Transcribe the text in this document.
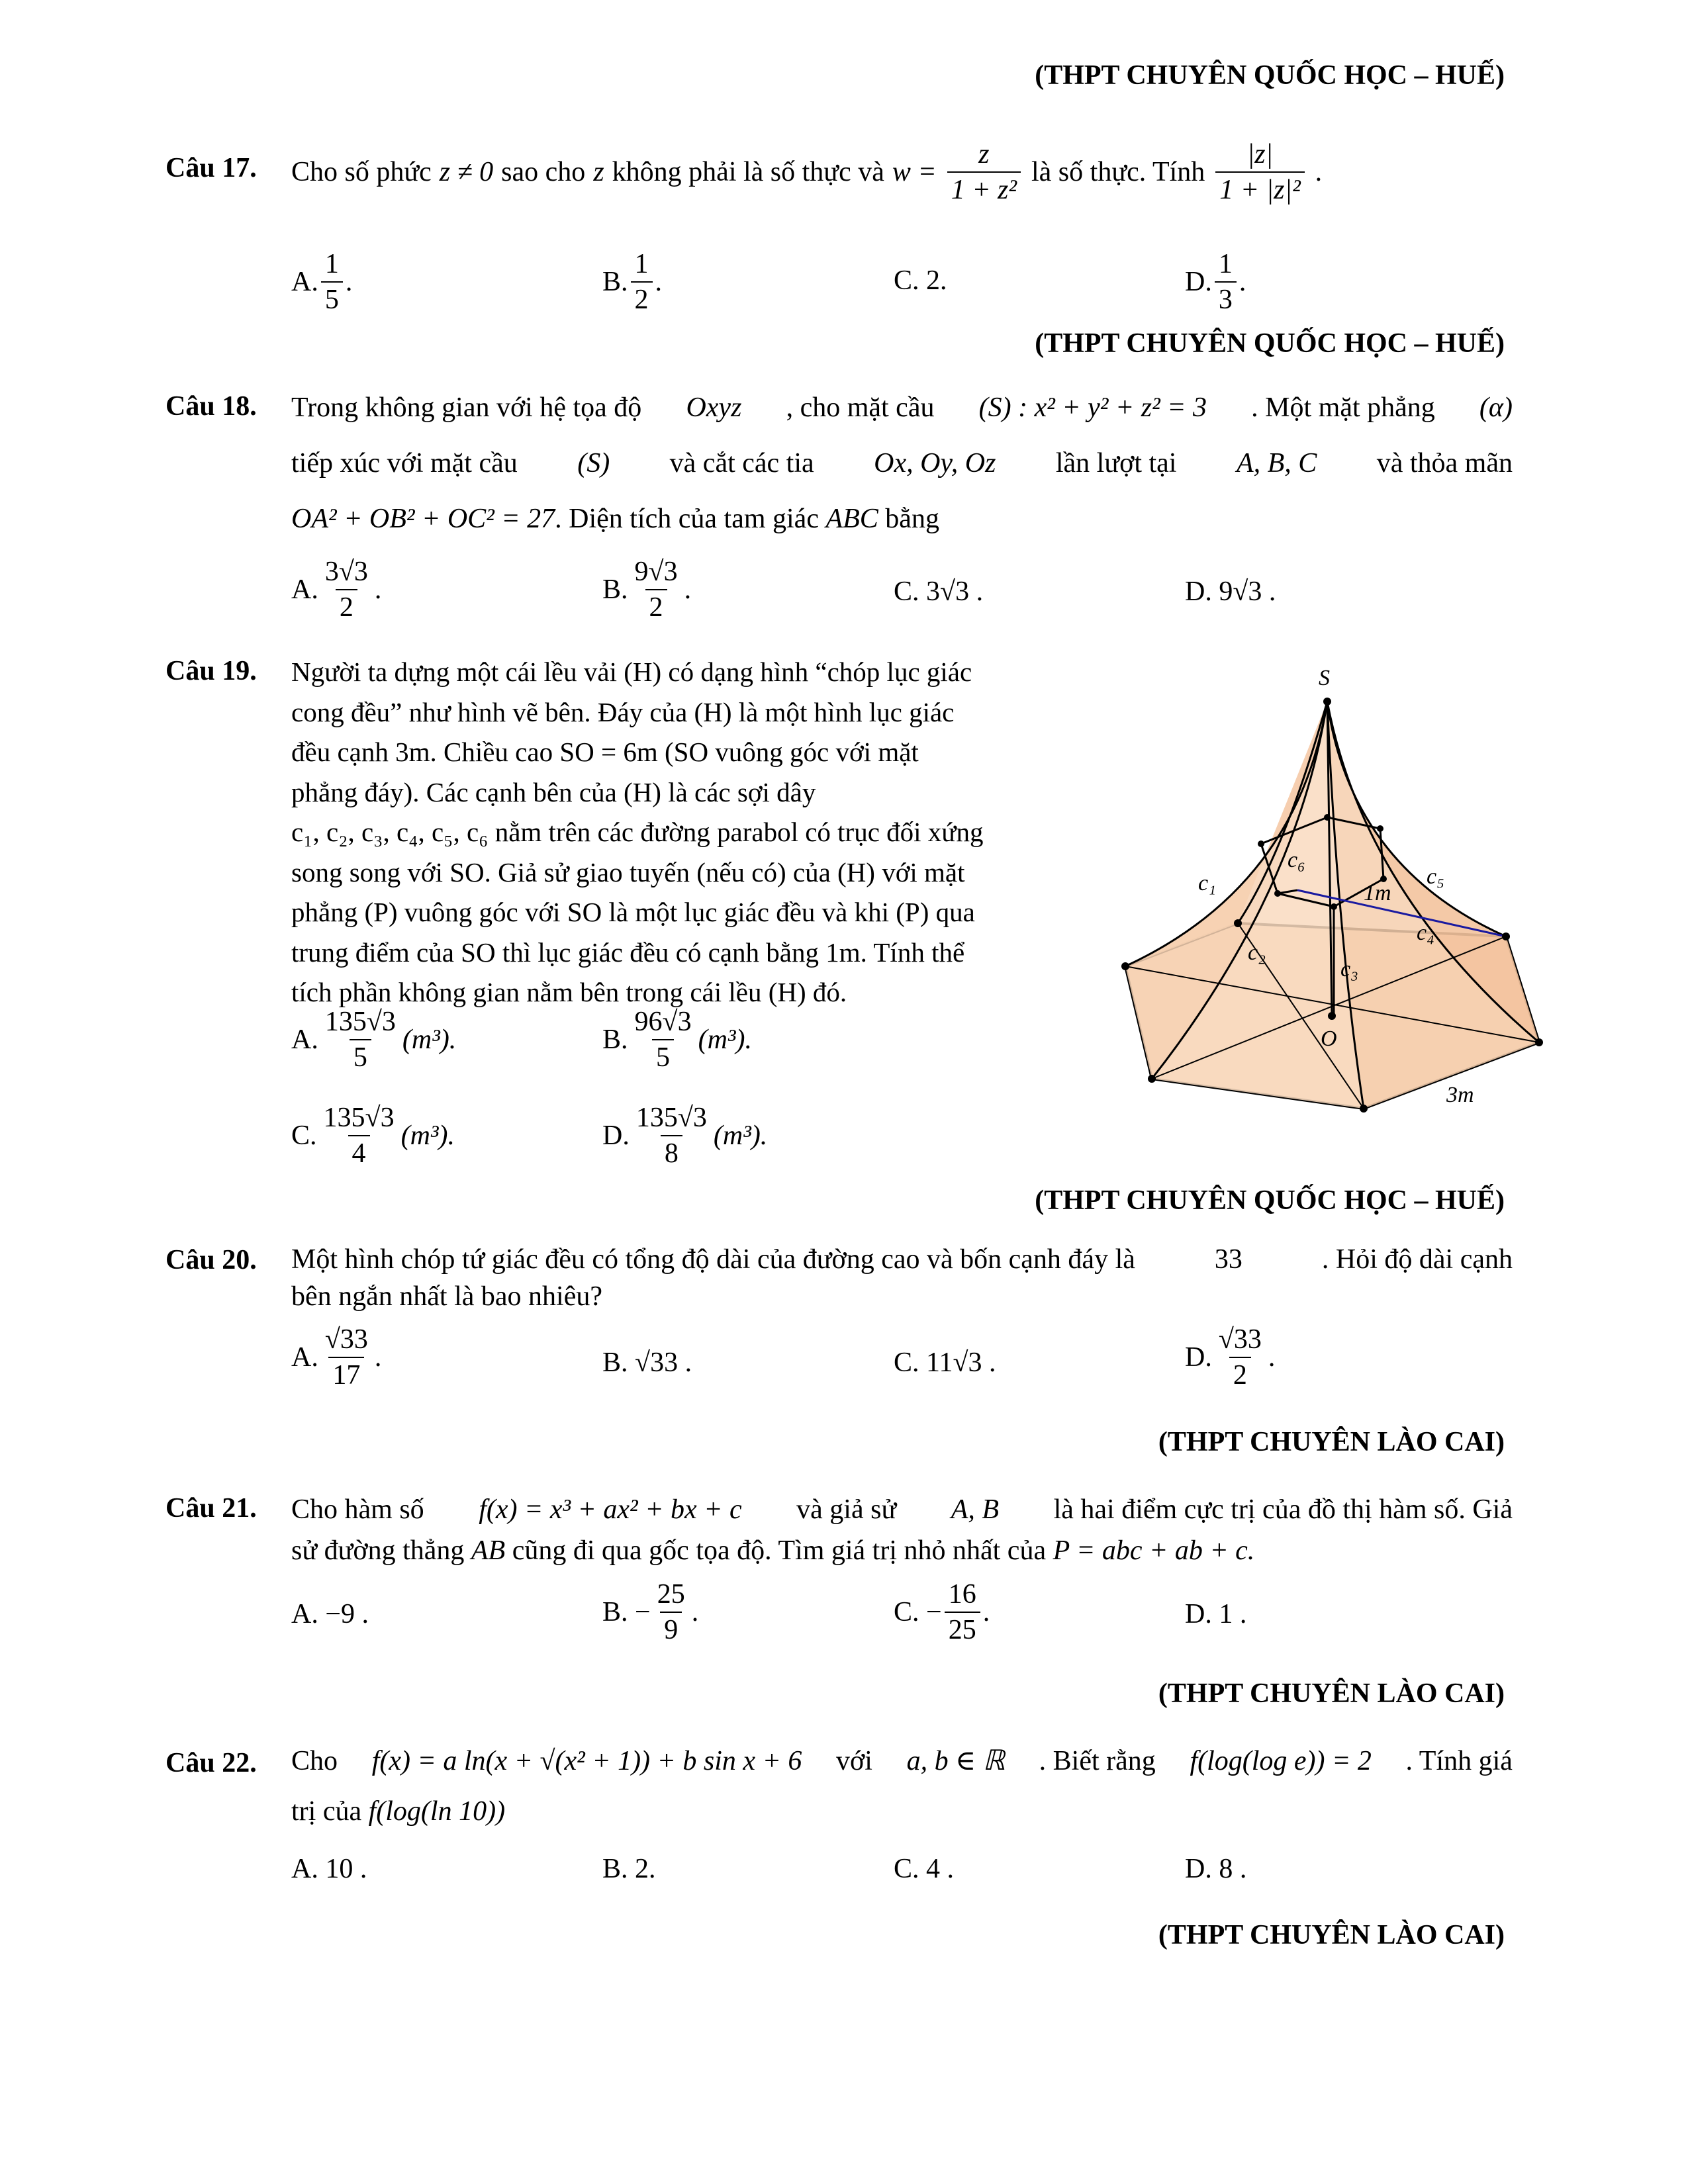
(THPT CHUYÊN QUỐC HỌC – HUẾ)
Câu 17. Cho số phức z ≠ 0 sao cho z không phải là số thực và $w = \frac{z}{\text{1 + z²}}$ là số thực. Tính $\frac{|z|}{\text{1 + |z|²}}$ .
A. $\frac{1}{5}$ .	B. $\frac{1}{2}$ .	C. 2.	D. $\frac{1}{3}$ .
(THPT CHUYÊN QUỐC HỌC – HUẾ)
Câu 18. Trong không gian với hệ tọa độ Oxyz , cho mặt cầu (S) : x² + y² + z² = 3 . Một mặt phẳng (α)
tiếp xúc với mặt cầu (S) và cắt các tia Ox, Oy, Oz lần lượt tại A, B, C và thỏa mãn
OA² + OB² + OC² = 27. Diện tích của tam giác ABC bằng
A. $\frac{3√3}{2}$ .	B. $\frac{9√3}{2}$ .	C. 3√3 .	D. 9√3 .
Câu 19. Người ta dựng một cái lều vải (H) có dạng hình “chóp lục giác
cong đều” như hình vẽ bên. Đáy của (H) là một hình lục giác
đều cạnh 3m. Chiều cao SO = 6m (SO vuông góc với mặt
phẳng đáy). Các cạnh bên của (H) là các sợi dây
c₁, c₂, c₃, c₄, c₅, c₆ nằm trên các đường parabol có trục đối xứng
song song với SO. Giả sử giao tuyến (nếu có) của (H) với mặt
phẳng (P) vuông góc với SO là một lục giác đều và khi (P) qua
trung điểm của SO thì lục giác đều có cạnh bằng 1m. Tính thể
tích phần không gian nằm bên trong cái lều (H) đó.
A. $\frac{135√3}{5} (m^3)$.	B. $\frac{96√3}{5} (m^3)$.
C. $\frac{135√3}{4} (m^3)$.	D. $\frac{135√3}{8} (m^3)$.
S
O
c₁
c₂
c₃
c₄
c₅
c₆
1m
3m
(THPT CHUYÊN QUỐC HỌC – HUẾ)
Câu 20. Một hình chóp tứ giác đều có tổng độ dài của đường cao và bốn cạnh đáy là	33	. Hỏi độ dài cạnh
bên ngắn nhất là bao nhiêu?
A. $\frac{√33}{17}$ .	B. √33 .	C. 11√3 .	D. $\frac{√33}{2}$ .
(THPT CHUYÊN LÀO CAI)
Câu 21. Cho hàm số f(x) = x³ + ax² + bx + c và giả sử A, B là hai điểm cực trị của đồ thị hàm số. Giả
sử đường thẳng AB cũng đi qua gốc tọa độ. Tìm giá trị nhỏ nhất của P = abc + ab + c.
A. −9 .	B. − $\frac{25}{9}$ .	C. − $\frac{16}{25}$ .	D. 1 .
(THPT CHUYÊN LÀO CAI)
Câu 22. Cho f(x) = a ln(x + √(x² + 1)) + b sin x + 6 với a, b ∈ ℝ . Biết rằng f(log(log e)) = 2 . Tính giá
trị của f(log(ln 10))
A. 10 .	B. 2.	C. 4 .	D. 8 .
(THPT CHUYÊN LÀO CAI)
